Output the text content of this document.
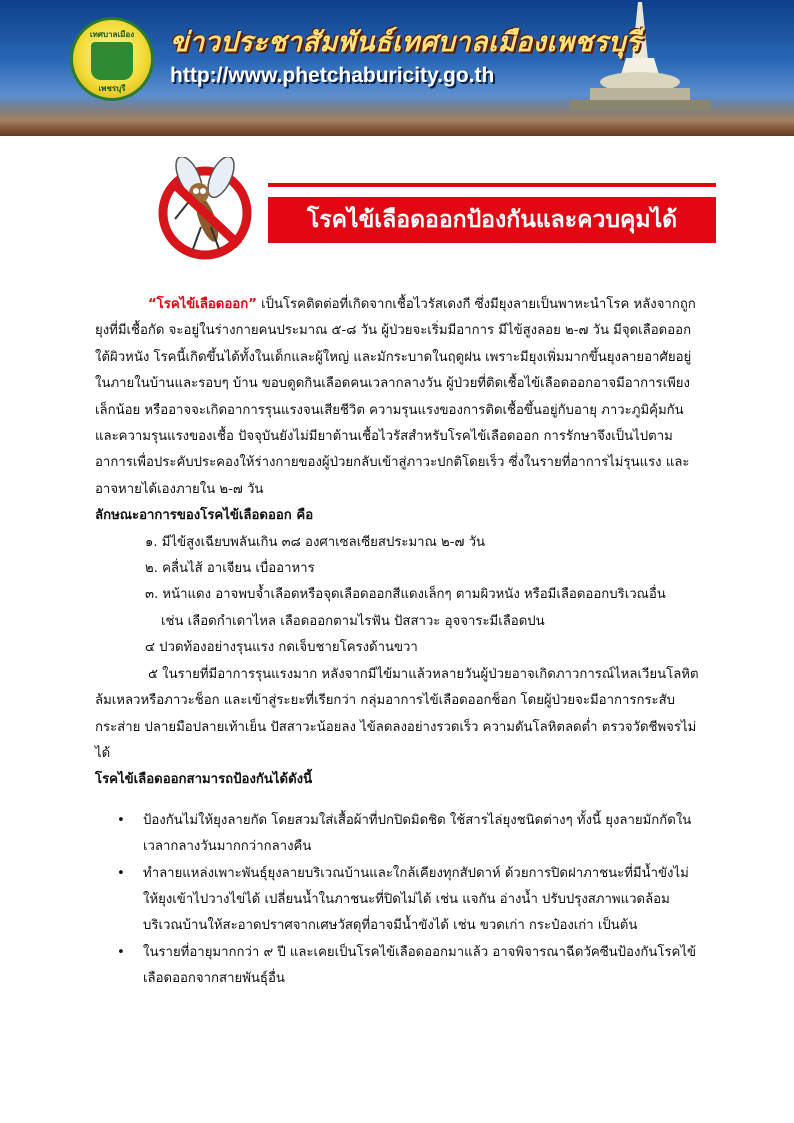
เทศบาลเมือง
เพชรบุรี
ข่าวประชาสัมพันธ์เทศบาลเมืองเพชรบุรี
http://www.phetchaburicity.go.th
โรคไข้เลือดออกป้องกันและควบคุมได้

“โรคไข้เลือดออก” เป็นโรคติดต่อที่เกิดจากเชื้อไวรัสเดงกี ซึ่งมียุงลายเป็นพาหะนำโรค หลังจากถูกยุงที่มีเชื้อกัด จะอยู่ในร่างกายคนประมาณ ๕-๘ วัน ผู้ป่วยจะเริ่มมีอาการ มีไข้สูงลอย ๒-๗ วัน มีจุดเลือดออกใต้ผิวหนัง โรคนี้เกิดขึ้นได้ทั้งในเด็กและผู้ใหญ่ และมักระบาดในฤดูฝน เพราะมียุงเพิ่มมากขึ้นยุงลายอาศัยอยู่ในภายในบ้านและรอบๆ บ้าน ขอบดูดกินเลือดคนเวลากลางวัน ผู้ป่วยที่ติดเชื้อไข้เลือดออกอาจมีอาการเพียงเล็กน้อย หรืออาจจะเกิดอาการรุนแรงจนเสียชีวิต ความรุนแรงของการติดเชื้อขึ้นอยู่กับอายุ ภาวะภูมิคุ้มกัน และความรุนแรงของเชื้อ ปัจจุบันยังไม่มียาต้านเชื้อไวรัสสำหรับโรคไข้เลือดออก การรักษาจึงเป็นไปตามอาการเพื่อประคับประคองให้ร่างกายของผู้ป่วยกลับเข้าสู่ภาวะปกติโดยเร็ว ซึ่งในรายที่อาการไม่รุนแรง และอาจหายได้เองภายใน ๒-๗ วัน

ลักษณะอาการของโรคไข้เลือดออก คือ

๑. มีไข้สูงเฉียบพลันเกิน ๓๘ องศาเซลเซียสประมาณ ๒-๗ วัน

๒. คลื่นไส้ อาเจียน เบื่ออาหาร

๓. หน้าแดง อาจพบจ้ำเลือดหรือจุดเลือดออกสีแดงเล็กๆ ตามผิวหนัง หรือมีเลือดออกบริเวณอื่น

เช่น เลือดกำเดาไหล เลือดออกตามไรฟัน ปัสสาวะ อุจจาระมีเลือดปน

๔ ปวดท้องอย่างรุนแรง กดเจ็บชายโครงด้านขวา

๕ ในรายที่มีอาการรุนแรงมาก หลังจากมีไข้มาแล้วหลายวันผู้ป่วยอาจเกิดภาวการณ์ไหลเวียนโลหิตล้มเหลวหรือภาวะช็อก และเข้าสู่ระยะที่เรียกว่า กลุ่มอาการไข้เลือดออกช็อก โดยผู้ป่วยจะมีอาการกระสับกระส่าย ปลายมือปลายเท้าเย็น ปัสสาวะน้อยลง ไข้ลดลงอย่างรวดเร็ว ความดันโลหิตลดต่ำ ตรวจวัดชีพจรไม่ได้

โรคไข้เลือดออกสามารถป้องกันได้ดังนี้

• ป้องกันไม่ให้ยุงลายกัด โดยสวมใส่เสื้อผ้าที่ปกปิดมิดชิด ใช้สารไล่ยุงชนิดต่างๆ ทั้งนี้ ยุงลายมักกัดในเวลากลางวันมากกว่ากลางคืน
• ทำลายแหล่งเพาะพันธุ์ยุงลายบริเวณบ้านและใกล้เคียงทุกสัปดาห์ ด้วยการปิดฝาภาชนะที่มีน้ำขังไม่ให้ยุงเข้าไปวางไข่ได้ เปลี่ยนน้ำในภาชนะที่ปิดไม่ได้ เช่น แจกัน อ่างน้ำ ปรับปรุงสภาพแวดล้อมบริเวณบ้านให้สะอาดปราศจากเศษวัสดุที่อาจมีน้ำขังได้ เช่น ขวดเก่า กระป๋องเก่า เป็นต้น
• ในรายที่อายุมากกว่า ๙ ปี และเคยเป็นโรคไข้เลือดออกมาแล้ว อาจพิจารณาฉีดวัคซีนป้องกันโรคไข้เลือดออกจากสายพันธุ์อื่น
